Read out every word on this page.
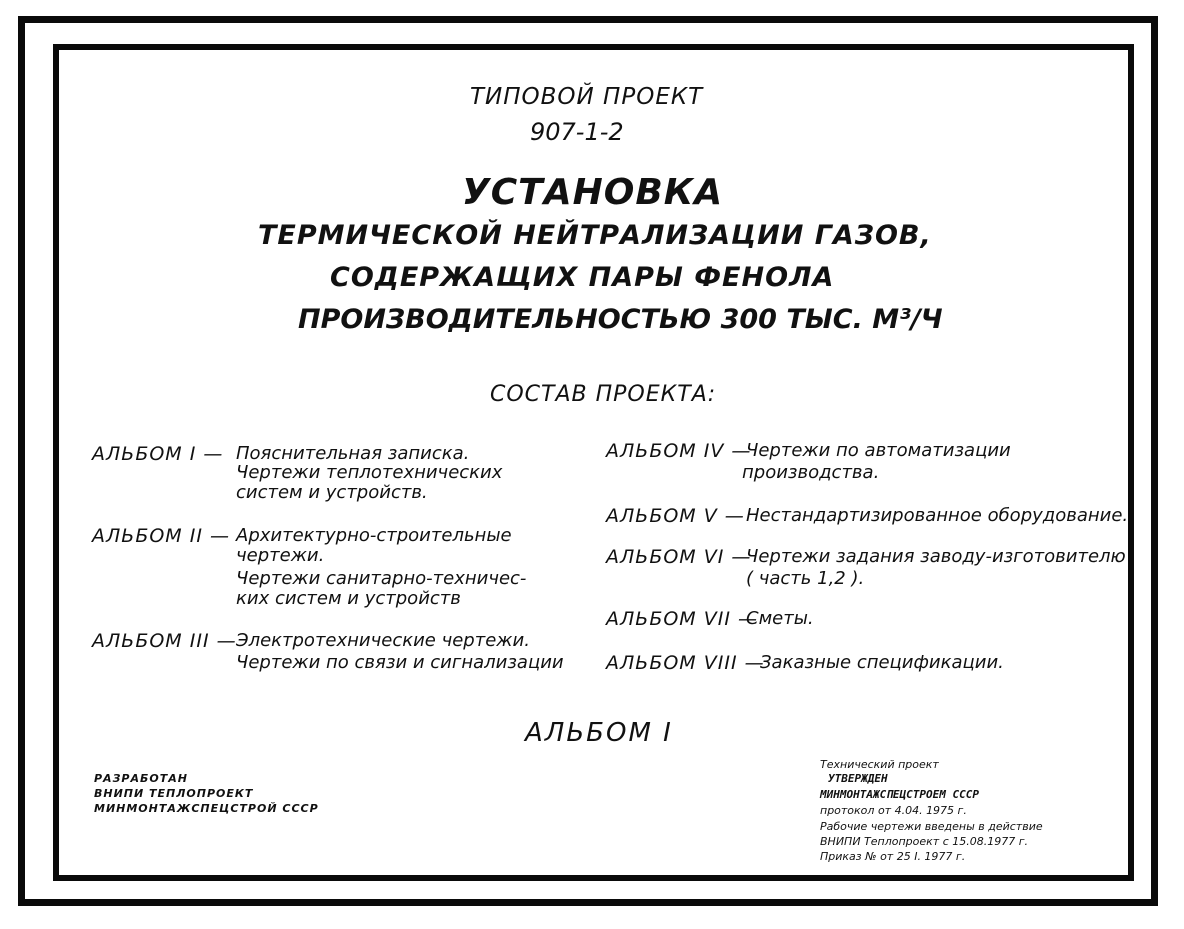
ТИПОВОЙ ПРОЕКТ
907-1-2
УСТАНОВКА
ТЕРМИЧЕСКОЙ НЕЙТРАЛИЗАЦИИ ГАЗОВ,
СОДЕРЖАЩИХ ПАРЫ ФЕНОЛА
ПРОИЗВОДИТЕЛЬНОСТЬЮ 300 ТЫС. М³/Ч
СОСТАВ ПРОЕКТА:
АЛЬБОМ I — Пояснительная записка.
Чертежи теплотехнических
систем и устройств.
АЛЬБОМ II — Архитектурно-строительные
чертежи.
Чертежи санитарно-техничес-
ких систем и устройств
АЛЬБОМ III — Электротехнические чертежи.
Чертежи по связи и сигнализации
АЛЬБОМ IV —
Чертежи по автоматизации
производства.
АЛЬБОМ V — Нестандартизированное оборудование.
АЛЬБОМ VI —
Чертежи задания заводу-изготовителю
( часть 1,2 ).
АЛЬБОМ VII —
Сметы.
АЛЬБОМ VIII —
Заказные спецификации.
АЛЬБОМ I
РАЗРАБОТАН
ВНИПИ ТЕПЛОПРОЕКТ
МИНМОНТАЖСПЕЦСТРОЙ СССР
Технический проект
УТВЕРЖДЕН
МИНМОНТАЖСПЕЦСТРОЕМ СССР
протокол от 4.04. 1975 г.
Рабочие чертежи введены в действие
ВНИПИ Теплопроект с 15.08.1977 г.
Приказ № от 25 I. 1977 г.
